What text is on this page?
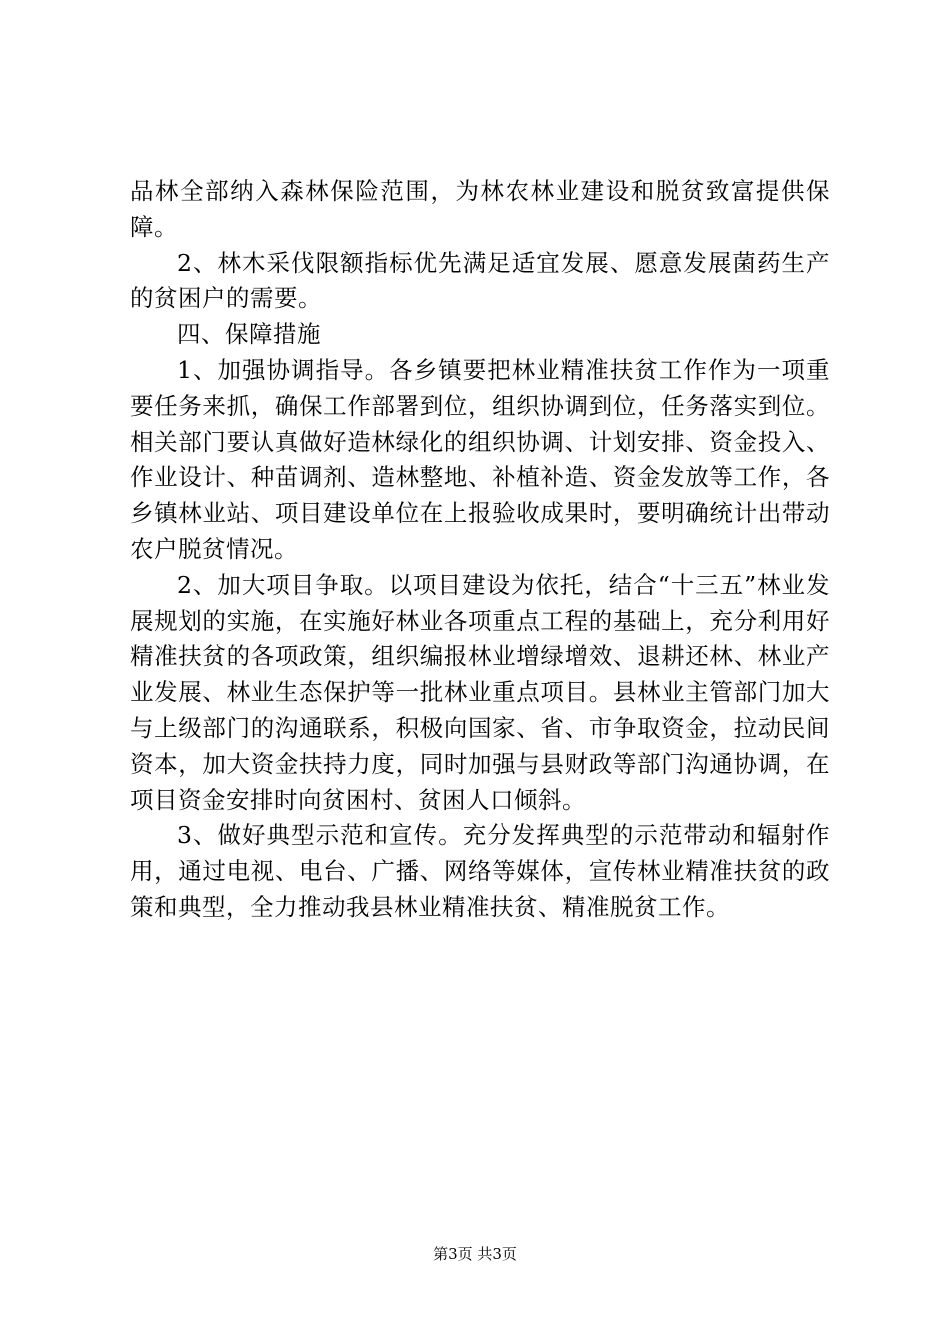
品林全部纳入森林保险范围，为林农林业建设和脱贫致富提供保障。

2、林木采伐限额指标优先满足适宜发展、愿意发展菌药生产的贫困户的需要。

四、保障措施

1、加强协调指导。各乡镇要把林业精准扶贫工作作为一项重要任务来抓，确保工作部署到位，组织协调到位，任务落实到位。相关部门要认真做好造林绿化的组织协调、计划安排、资金投入、作业设计、种苗调剂、造林整地、补植补造、资金发放等工作，各乡镇林业站、项目建设单位在上报验收成果时，要明确统计出带动农户脱贫情况。

2、加大项目争取。以项目建设为依托，结合“十三五”林业发展规划的实施，在实施好林业各项重点工程的基础上，充分利用好精准扶贫的各项政策，组织编报林业增绿增效、退耕还林、林业产业发展、林业生态保护等一批林业重点项目。县林业主管部门加大与上级部门的沟通联系，积极向国家、省、市争取资金，拉动民间资本，加大资金扶持力度，同时加强与县财政等部门沟通协调，在项目资金安排时向贫困村、贫困人口倾斜。

3、做好典型示范和宣传。充分发挥典型的示范带动和辐射作用，通过电视、电台、广播、网络等媒体，宣传林业精准扶贫的政策和典型，全力推动我县林业精准扶贫、精准脱贫工作。

第3页 共3页
